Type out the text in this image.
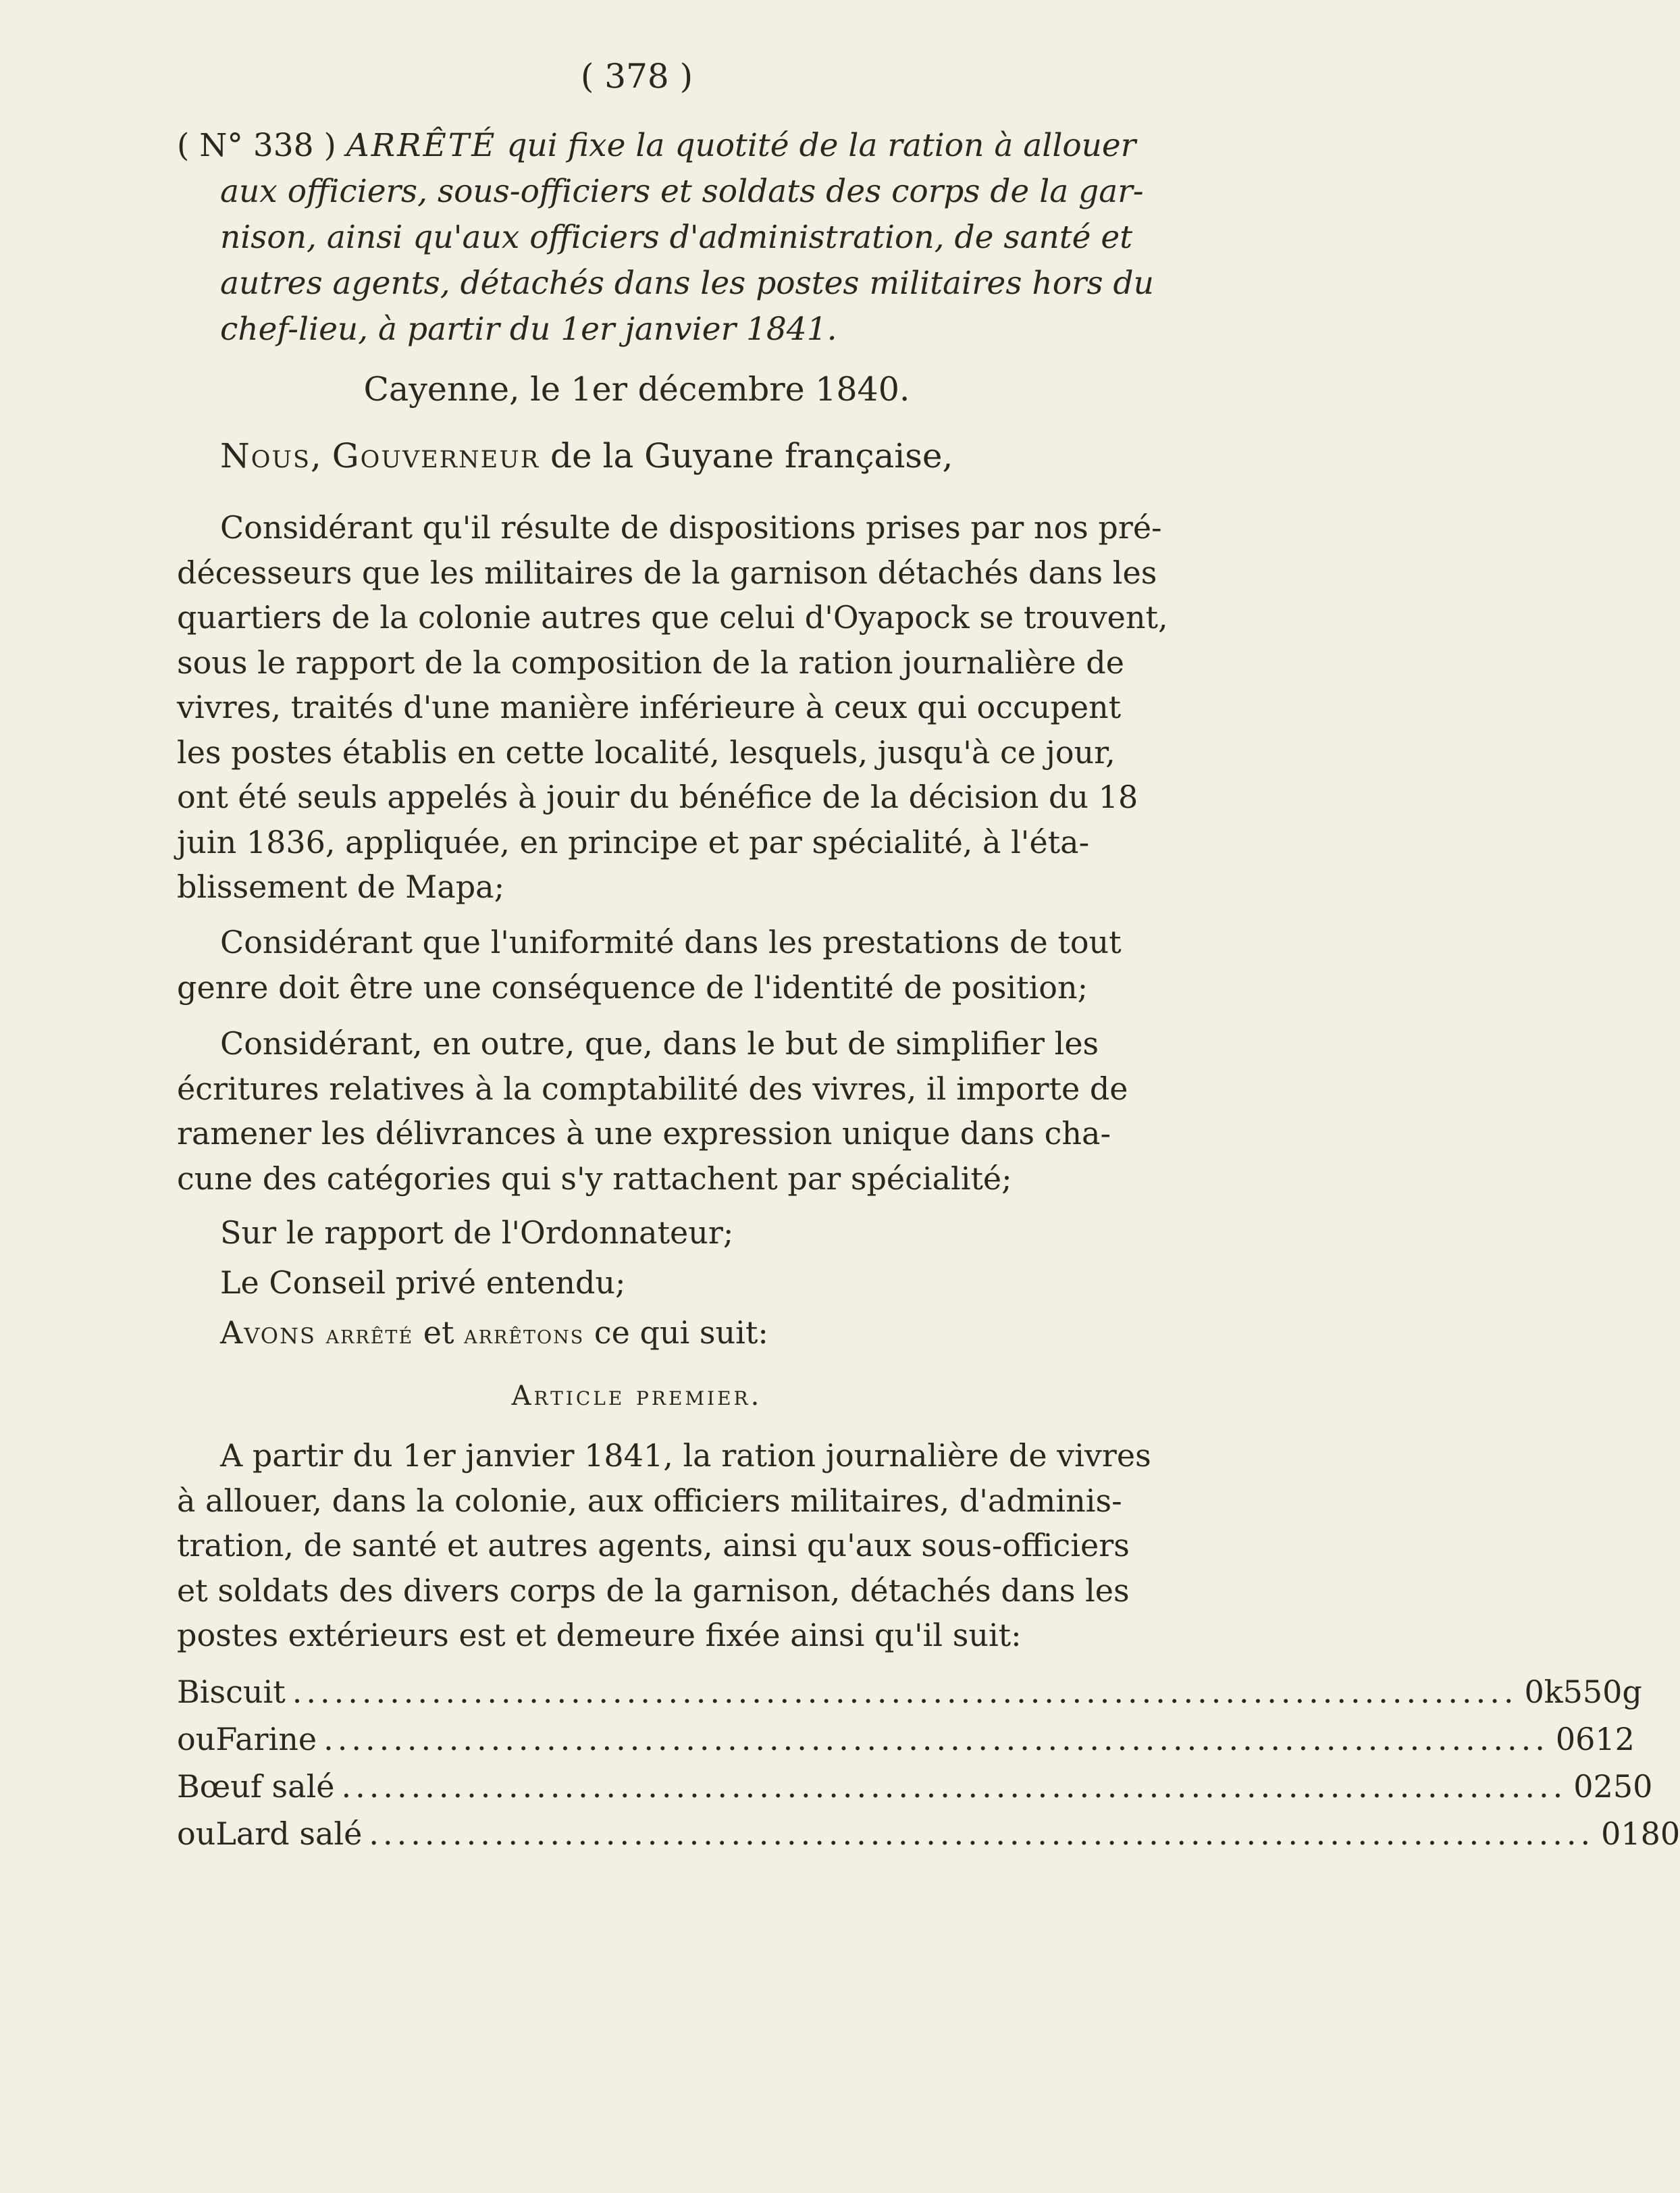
( 378 )
( N° 338 ) ARRÊTÉ qui fixe la quotité de la ration à allouer
aux officiers, sous-officiers et soldats des corps de la gar-
nison, ainsi qu'aux officiers d'administration, de santé et
autres agents, détachés dans les postes militaires hors du
chef-lieu, à partir du 1er janvier 1841.
Cayenne, le 1er décembre 1840.
Nous, Gouverneur de la Guyane française,
Considérant qu'il résulte de dispositions prises par nos pré-
décesseurs que les militaires de la garnison détachés dans les
quartiers de la colonie autres que celui d'Oyapock se trouvent,
sous le rapport de la composition de la ration journalière de
vivres, traités d'une manière inférieure à ceux qui occupent
les postes établis en cette localité, lesquels, jusqu'à ce jour,
ont été seuls appelés à jouir du bénéfice de la décision du 18
juin 1836, appliquée, en principe et par spécialité, à l'éta-
blissement de Mapa;
Considérant que l'uniformité dans les prestations de tout
genre doit être une conséquence de l'identité de position;
Considérant, en outre, que, dans le but de simplifier les
écritures relatives à la comptabilité des vivres, il importe de
ramener les délivrances à une expression unique dans cha-
cune des catégories qui s'y rattachent par spécialité;
Sur le rapport de l'Ordonnateur;
Le Conseil privé entendu;
Avons arrêté et arrêtons ce qui suit:
Article premier.
A partir du 1er janvier 1841, la ration journalière de vivres
à allouer, dans la colonie, aux officiers militaires, d'adminis-
tration, de santé et autres agents, ainsi qu'aux sous-officiers
et soldats des divers corps de la garnison, détachés dans les
postes extérieurs est et demeure fixée ainsi qu'il suit:
Biscuit ........................................................................................ 0k 550g
ou Farine ........................................................................................ 0 612
Bœuf salé ........................................................................................ 0 250
ou Lard salé ........................................................................................ 0 180
